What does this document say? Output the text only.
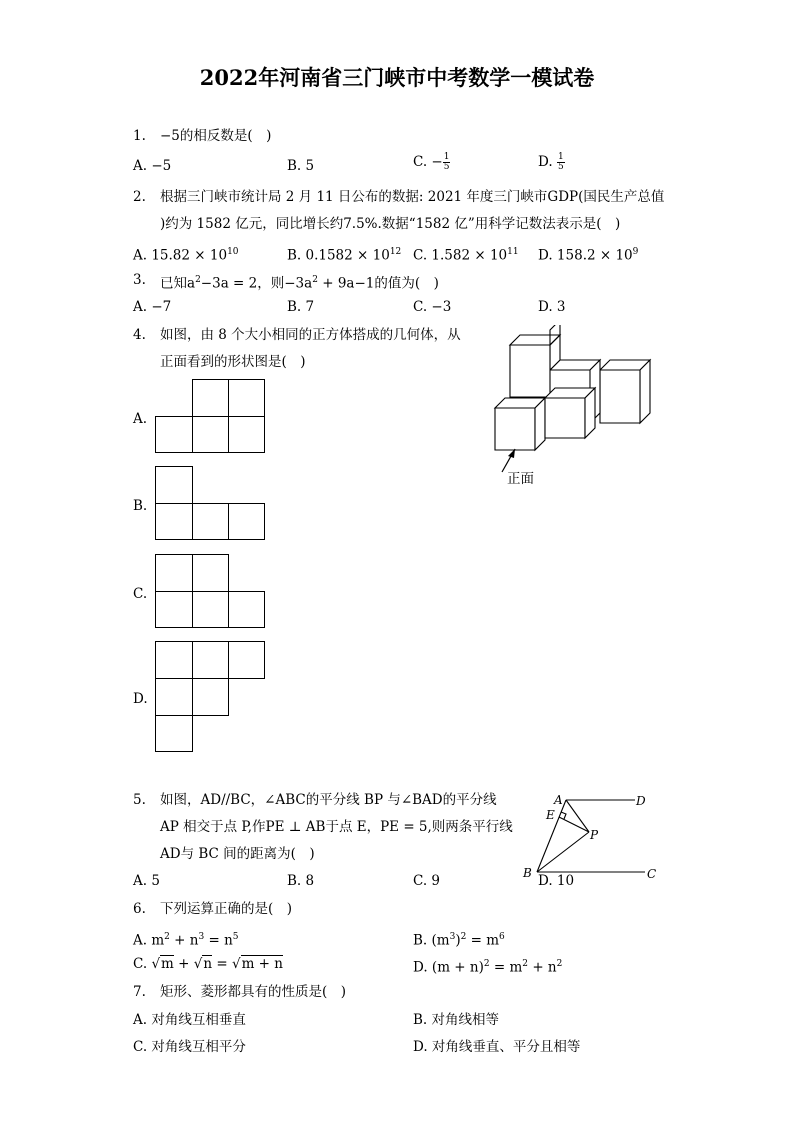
2022年河南省三门峡市中考数学一模试卷
1. −5的相反数是(　)
A. −5	B. 5	C. − $\frac{1}{5}$	D. $\frac{1}{5}$
2. 根据三门峡市统计局 2 月 11 日公布的数据: 2021 年度三门峡市GDP(国民生产总值
)约为 1582 亿元，同比增长约7.5%.数据“1582 亿”用科学记数法表示是(　)
A. $15.82 \times 10^{10}$	B. $0.1582 \times 10^{12}$ C. $1.582 \times 10^{11}$ D. $158.2 \times 10^9$
3. 已知$a^2-3a = 2$，则$-3a^2 + 9a-1$的值为(　)
A. −7	B. 7	C. −3	D. 3
4. 如图，由 8 个大小相同的正方体搭成的几何体，从
正面看到的形状图是(　)
正面
A.
B.
C.
D.
5. 如图，AD//BC，∠ABC的平分线 BP 与∠BAD的平分线
AP 相交于点 P,作PE ⊥ AB于点 E，PE = 5,则两条平行线
AD与 BC 间的距离为(　)
A	D
E
P
B	C
A. 5	B. 8	C. 9	D. 10
6. 下列运算正确的是(　)
A. $m^2 + n^3 = n^5$	B. $(m^3)^2 = m^6$
C. √m + √n = √m + n	D. $(m + n)^2 = m^2 + n^2$
7. 矩形、菱形都具有的性质是(　)
A. 对角线互相垂直	B. 对角线相等
C. 对角线互相平分	D. 对角线垂直、平分且相等
